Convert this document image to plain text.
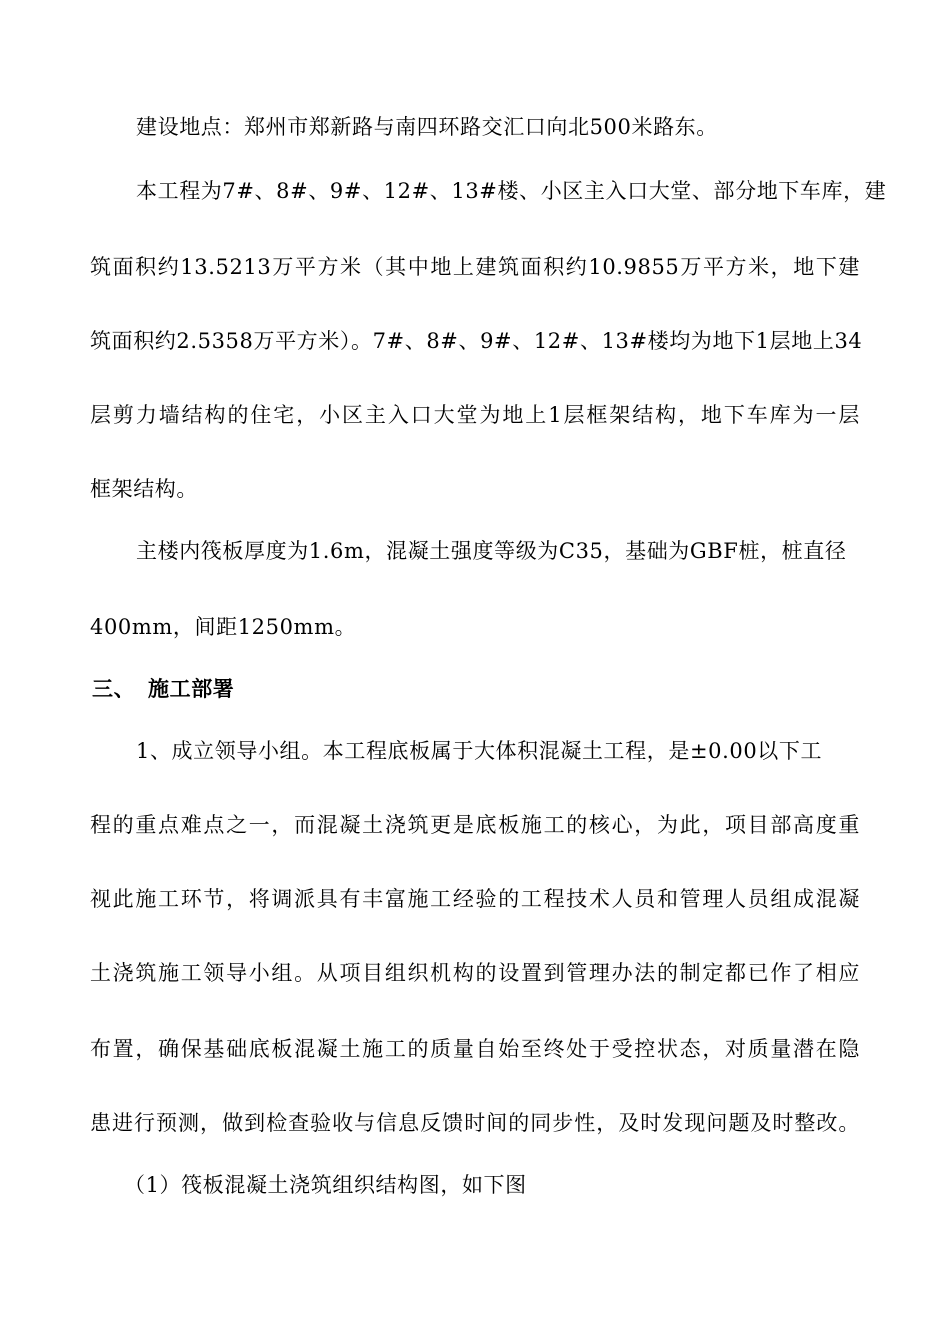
建设地点：郑州市郑新路与南四环路交汇口向北500米路东。
本工程为7#、8#、9#、12#、13#楼、小区主入口大堂、部分地下车库，建
筑面积约13.5213万平方米（其中地上建筑面积约10.9855万平方米，地下建
筑面积约2.5358万平方米）。7#、8#、9#、12#、13#楼均为地下1层地上34
层剪力墙结构的住宅，小区主入口大堂为地上1层框架结构，地下车库为一层
框架结构。
主楼内筏板厚度为1.6m，混凝土强度等级为C35，基础为GBF桩，桩直径
400mm，间距1250mm。
三、 施工部署
1、成立领导小组。本工程底板属于大体积混凝土工程，是±0.00以下工
程的重点难点之一，而混凝土浇筑更是底板施工的核心，为此，项目部高度重
视此施工环节，将调派具有丰富施工经验的工程技术人员和管理人员组成混凝
土浇筑施工领导小组。从项目组织机构的设置到管理办法的制定都已作了相应
布置，确保基础底板混凝土施工的质量自始至终处于受控状态，对质量潜在隐
患进行预测，做到检查验收与信息反馈时间的同步性，及时发现问题及时整改。
（1）筏板混凝土浇筑组织结构图，如下图
